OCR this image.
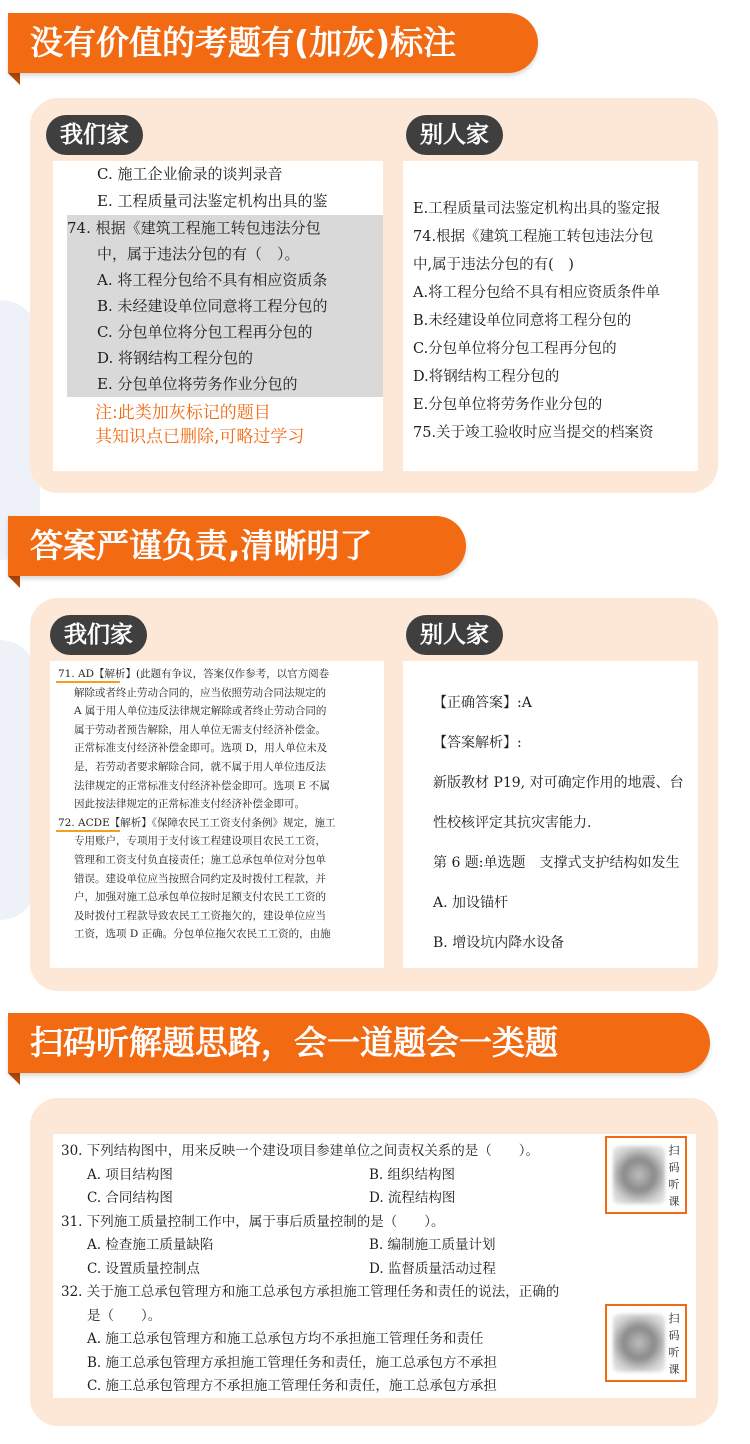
没有价值的考题有(加灰)标注
我们家	别人家
C. 施工企业偷录的谈判录音
E. 工程质量司法鉴定机构出具的鉴
74. 根据《建筑工程施工转包违法分包
中，属于违法分包的有（　）。
A. 将工程分包给不具有相应资质条
B. 未经建设单位同意将工程分包的
C. 分包单位将分包工程再分包的
D. 将钢结构工程分包的
E. 分包单位将劳务作业分包的
注:此类加灰标记的题目
其知识点已删除,可略过学习
E.工程质量司法鉴定机构出具的鉴定报
74.根据《建筑工程施工转包违法分包
中,属于违法分包的有(　)
A.将工程分包给不具有相应资质条件单
B.未经建设单位同意将工程分包的
C.分包单位将分包工程再分包的
D.将钢结构工程分包的
E.分包单位将劳务作业分包的
75.关于竣工验收时应当提交的档案资
答案严谨负责,清晰明了
我们家	别人家
71. AD【解析】(此题有争议，答案仅作参考，以官方阅卷
解除或者终止劳动合同的，应当依照劳动合同法规定的
A 属于用人单位违反法律规定解除或者终止劳动合同的
属于劳动者预告解除，用人单位无需支付经济补偿金。
正常标准支付经济补偿金即可。选项 D，用人单位未及
是，若劳动者要求解除合同，就不属于用人单位违反法
法律规定的正常标准支付经济补偿金即可。选项 E 不属
因此按法律规定的正常标准支付经济补偿金即可。
72. ACDE【解析】《保障农民工工资支付条例》规定，施工
专用账户，专项用于支付该工程建设项目农民工工资，
管理和工资支付负直接责任；施工总承包单位对分包单
错误。建设单位应当按照合同约定及时拨付工程款，并
户，加强对施工总承包单位按时足额支付农民工工资的
及时拨付工程款导致农民工工资拖欠的，建设单位应当
工资，选项 D 正确。分包单位拖欠农民工工资的，由施
【正确答案】:A
【答案解析】:
新版教材 P19, 对可确定作用的地震、台
性校核评定其抗灾害能力.
第 6 题:单选题　支撑式支护结构如发生
A. 加设锚杆
B. 增设坑内降水设备
扫码听解题思路，会一道题会一类题
30. 下列结构图中，用来反映一个建设项目参建单位之间责权关系的是（　　）。
A. 项目结构图	B. 组织结构图
C. 合同结构图	D. 流程结构图
31. 下列施工质量控制工作中，属于事后质量控制的是（　　）。
A. 检查施工质量缺陷	B. 编制施工质量计划
C. 设置质量控制点	D. 监督质量活动过程
32. 关于施工总承包管理方和施工总承包方承担施工管理任务和责任的说法，正确的
是（　　）。
A. 施工总承包管理方和施工总承包方均不承担施工管理任务和责任
B. 施工总承包管理方承担施工管理任务和责任，施工总承包方不承担
C. 施工总承包管理方不承担施工管理任务和责任，施工总承包方承担
扫
码
听
课
扫
码
听
课
